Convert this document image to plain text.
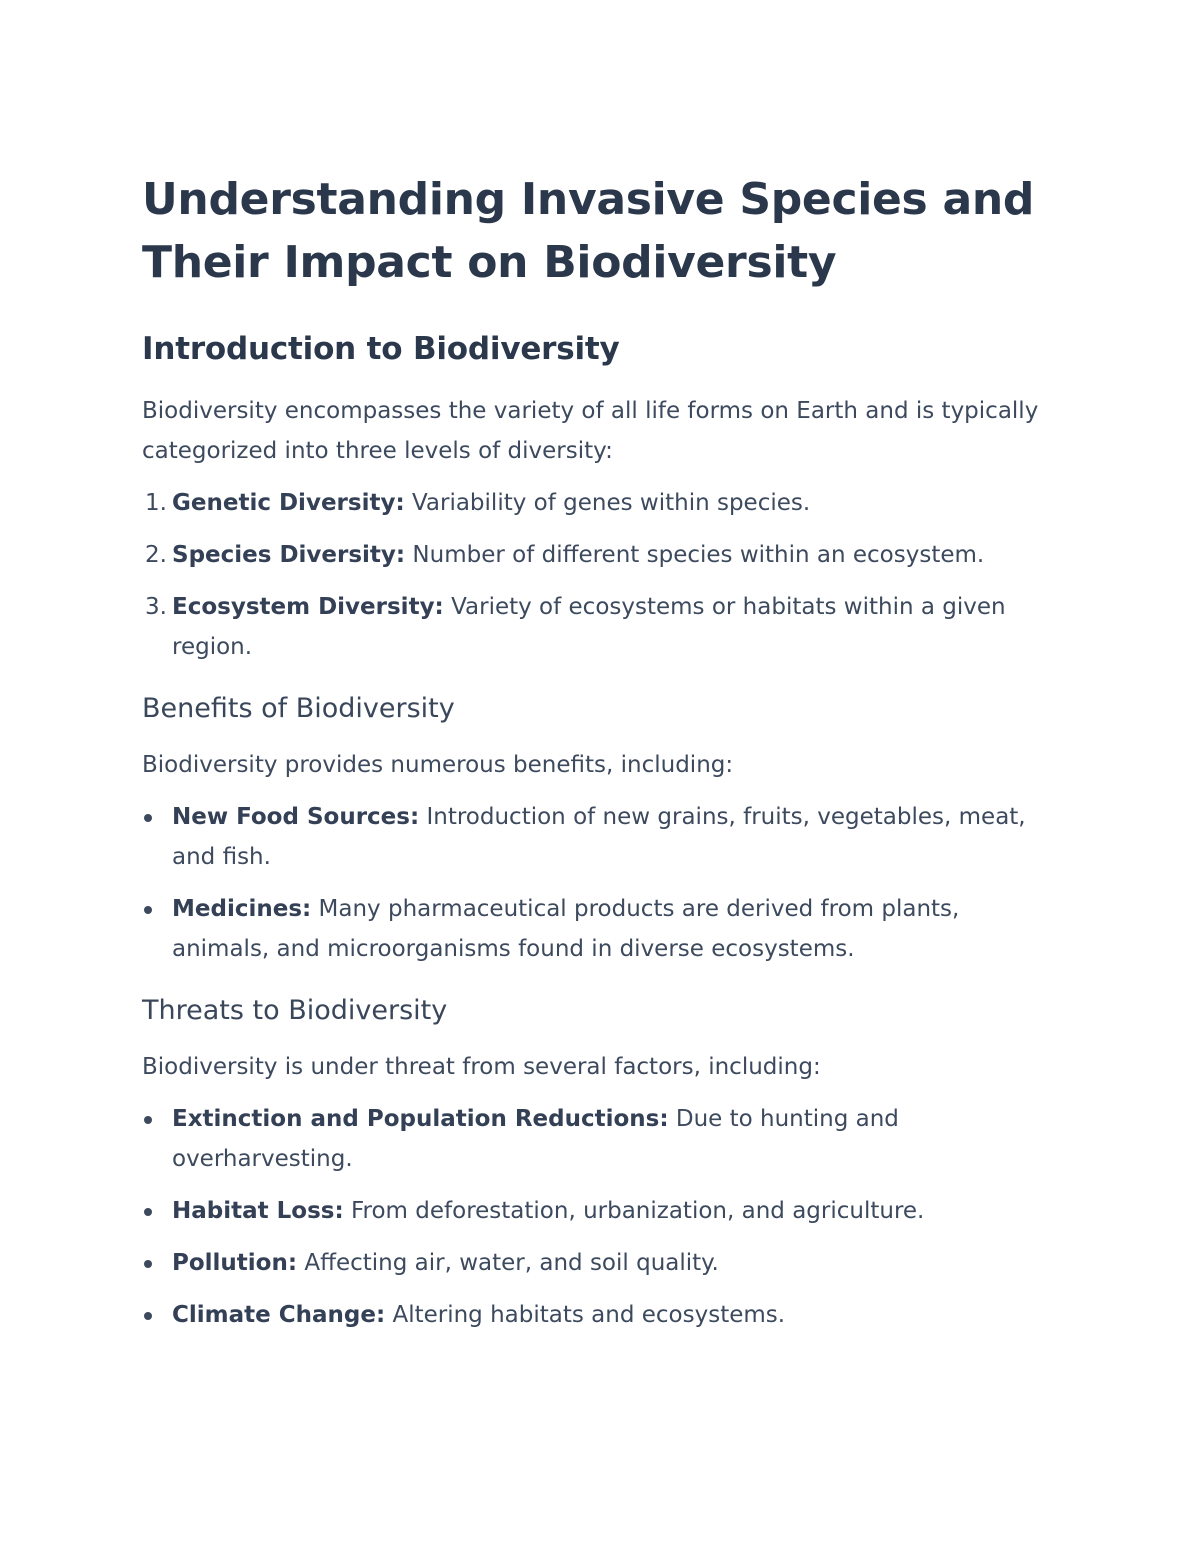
Understanding Invasive Species and Their Impact on Biodiversity
Introduction to Biodiversity

Biodiversity encompasses the variety of all life forms on Earth and is typically categorized into three levels of diversity:

1. Genetic Diversity: Variability of genes within species.
2. Species Diversity: Number of different species within an ecosystem.
3. Ecosystem Diversity: Variety of ecosystems or habitats within a given region.
Benefits of Biodiversity

Biodiversity provides numerous benefits, including:

New Food Sources: Introduction of new grains, fruits, vegetables, meat, and fish.
Medicines: Many pharmaceutical products are derived from plants, animals, and microorganisms found in diverse ecosystems.
Threats to Biodiversity

Biodiversity is under threat from several factors, including:

Extinction and Population Reductions: Due to hunting and overharvesting.
Habitat Loss: From deforestation, urbanization, and agriculture.
Pollution: Affecting air, water, and soil quality.
Climate Change: Altering habitats and ecosystems.
